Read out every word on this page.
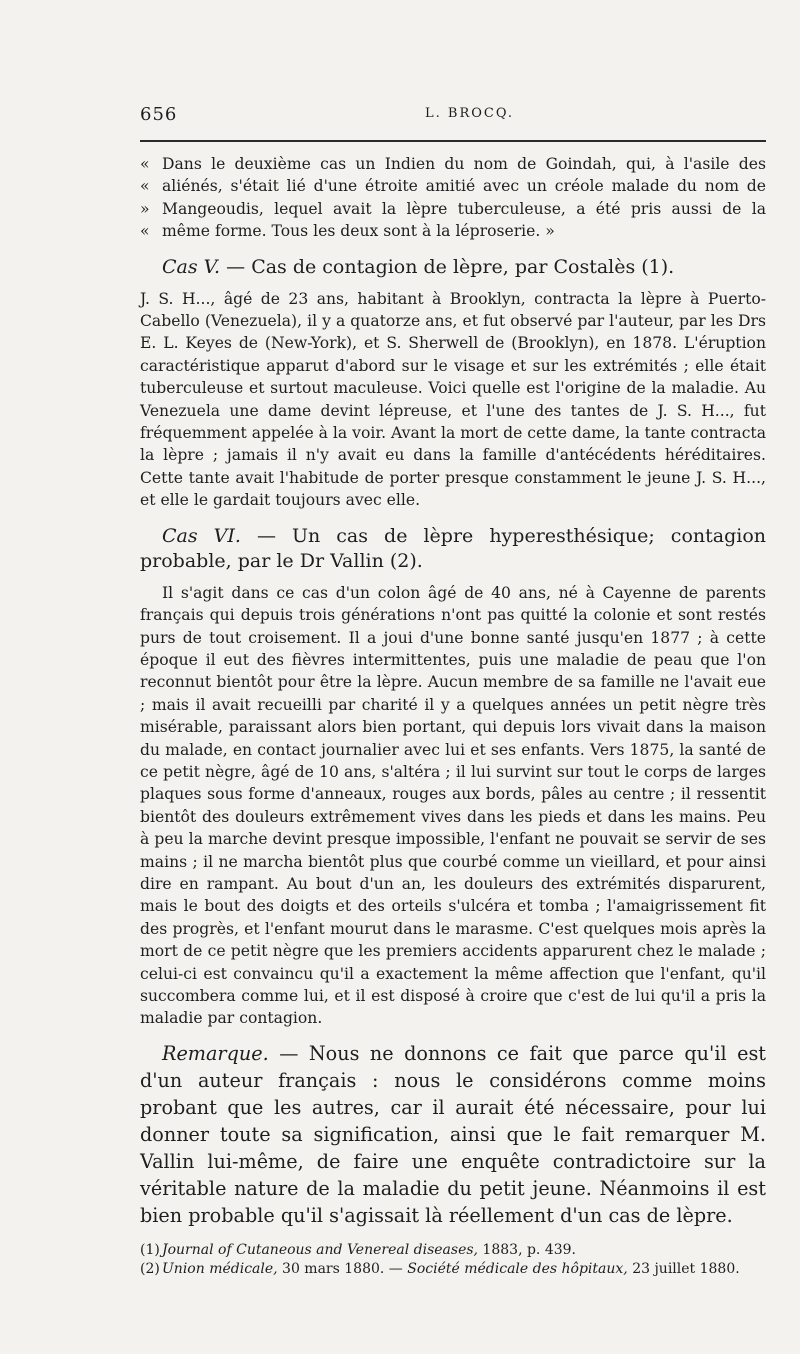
656	L. BROCQ.
« Dans le deuxième cas un Indien du nom de Goindah, qui, à l'asile des
« aliénés, s'était lié d'une étroite amitié avec un créole malade du nom de
» Mangeoudis, lequel avait la lèpre tuberculeuse, a été pris aussi de la
« même forme. Tous les deux sont à la léproserie. »

Cas V. — Cas de contagion de lèpre, par Costalès (1).

J. S. H..., âgé de 23 ans, habitant à Brooklyn, contracta la lèpre à Puerto-Cabello (Venezuela), il y a quatorze ans, et fut observé par l'auteur, par les Drs E. L. Keyes de (New-York), et S. Sherwell de (Brooklyn), en 1878. L'éruption caractéristique apparut d'abord sur le visage et sur les extrémités ; elle était tuberculeuse et surtout maculeuse. Voici quelle est l'origine de la maladie. Au Venezuela une dame devint lépreuse, et l'une des tantes de J. S. H..., fut fréquemment appelée à la voir. Avant la mort de cette dame, la tante contracta la lèpre ; jamais il n'y avait eu dans la famille d'antécédents héréditaires. Cette tante avait l'habitude de porter presque constamment le jeune J. S. H..., et elle le gardait toujours avec elle.

Cas VI. — Un cas de lèpre hyperesthésique; contagion probable, par le Dr Vallin (2).

Il s'agit dans ce cas d'un colon âgé de 40 ans, né à Cayenne de parents français qui depuis trois générations n'ont pas quitté la colonie et sont restés purs de tout croisement. Il a joui d'une bonne santé jusqu'en 1877 ; à cette époque il eut des fièvres intermittentes, puis une maladie de peau que l'on reconnut bientôt pour être la lèpre. Aucun membre de sa famille ne l'avait eue ; mais il avait recueilli par charité il y a quelques années un petit nègre très misérable, paraissant alors bien portant, qui depuis lors vivait dans la maison du malade, en contact journalier avec lui et ses enfants. Vers 1875, la santé de ce petit nègre, âgé de 10 ans, s'altéra ; il lui survint sur tout le corps de larges plaques sous forme d'anneaux, rouges aux bords, pâles au centre ; il ressentit bientôt des douleurs extrêmement vives dans les pieds et dans les mains. Peu à peu la marche devint presque impossible, l'enfant ne pouvait se servir de ses mains ; il ne marcha bientôt plus que courbé comme un vieillard, et pour ainsi dire en rampant. Au bout d'un an, les douleurs des extrémités disparurent, mais le bout des doigts et des orteils s'ulcéra et tomba ; l'amaigrissement fit des progrès, et l'enfant mourut dans le marasme. C'est quelques mois après la mort de ce petit nègre que les premiers accidents apparurent chez le malade ; celui-ci est convaincu qu'il a exactement la même affection que l'enfant, qu'il succombera comme lui, et il est disposé à croire que c'est de lui qu'il a pris la maladie par contagion.

Remarque. — Nous ne donnons ce fait que parce qu'il est d'un auteur français : nous le considérons comme moins probant que les autres, car il aurait été nécessaire, pour lui donner toute sa signification, ainsi que le fait remarquer M. Vallin lui-même, de faire une enquête contradictoire sur la véritable nature de la maladie du petit jeune. Néanmoins il est bien probable qu'il s'agissait là réellement d'un cas de lèpre.

(1) Journal of Cutaneous and Venereal diseases, 1883, p. 439.

(2) Union médicale, 30 mars 1880. — Société médicale des hôpitaux, 23 juillet 1880.
